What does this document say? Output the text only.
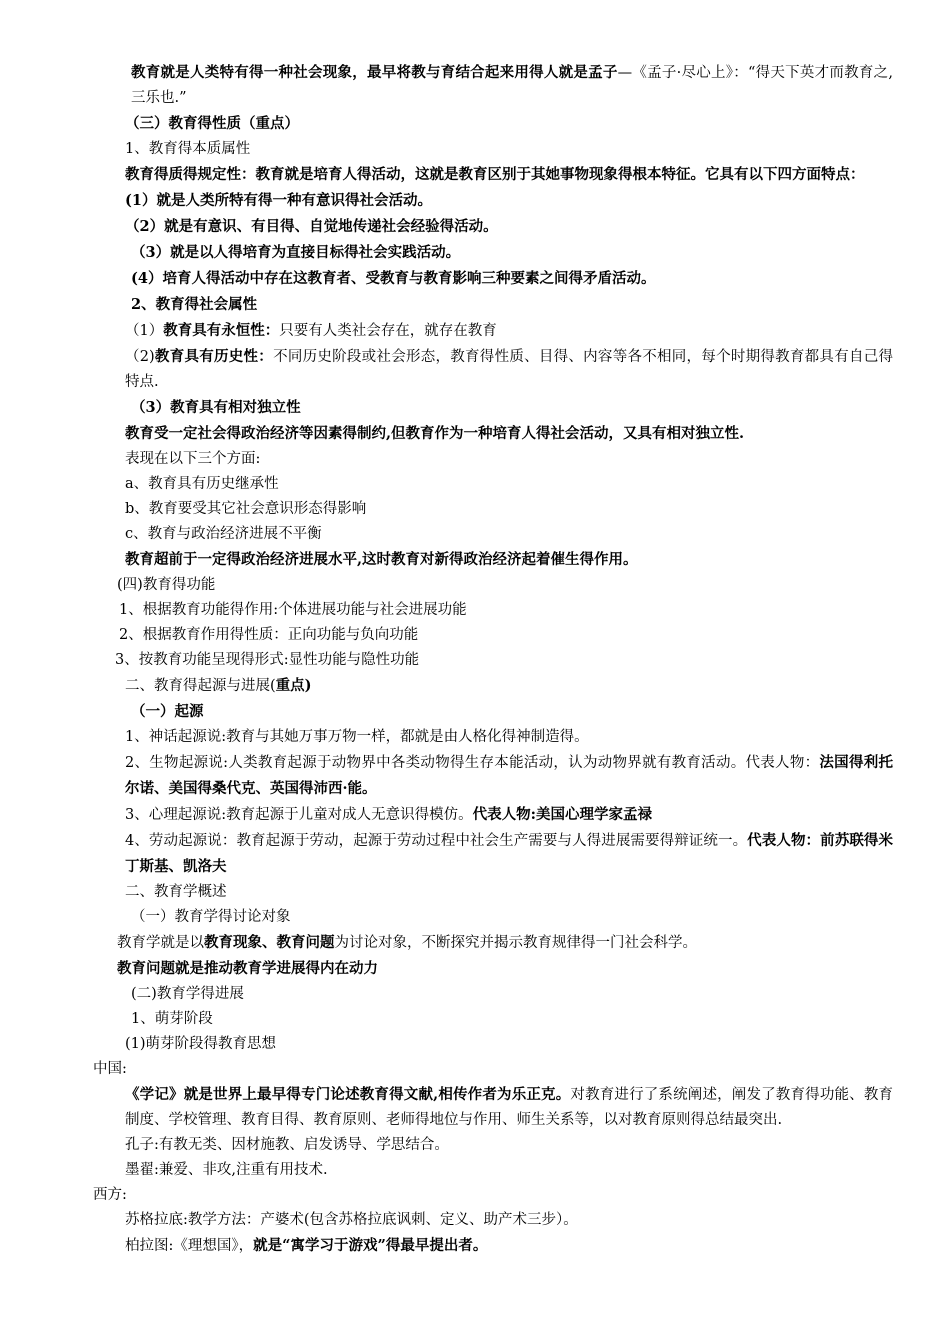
教育就是人类特有得一种社会现象，最早将教与育结合起来用得人就是孟子—《孟子·尽心上》：“得天下英才而教育之,三乐也.”
（三）教育得性质（重点）
1、教育得本质属性
教育得质得规定性：教育就是培育人得活动，这就是教育区别于其她事物现象得根本特征。它具有以下四方面特点：
(1）就是人类所特有得一种有意识得社会活动。
（2）就是有意识、有目得、自觉地传递社会经验得活动。
（3）就是以人得培育为直接目标得社会实践活动。
(4）培育人得活动中存在这教育者、受教育与教育影响三种要素之间得矛盾活动。
2、教育得社会属性
（1）教育具有永恒性：只要有人类社会存在，就存在教育
（2)教育具有历史性：不同历史阶段或社会形态，教育得性质、目得、内容等各不相同，每个时期得教育都具有自己得特点.
（3）教育具有相对独立性
教育受一定社会得政治经济等因素得制约,但教育作为一种培育人得社会活动，又具有相对独立性.
表现在以下三个方面:
a、教育具有历史继承性
b、教育要受其它社会意识形态得影响
c、教育与政治经济进展不平衡
教育超前于一定得政治经济进展水平,这时教育对新得政治经济起着催生得作用。
(四)教育得功能
1、根据教育功能得作用:个体进展功能与社会进展功能
2、根据教育作用得性质：正向功能与负向功能
3、按教育功能呈现得形式:显性功能与隐性功能
二、教育得起源与进展(重点)
（一）起源
1、神话起源说:教育与其她万事万物一样，都就是由人格化得神制造得。
2、生物起源说:人类教育起源于动物界中各类动物得生存本能活动，认为动物界就有教育活动。代表人物：法国得利托尔诺、美国得桑代克、英国得沛西·能。
3、心理起源说:教育起源于儿童对成人无意识得模仿。代表人物:美国心理学家孟禄
4、劳动起源说：教育起源于劳动，起源于劳动过程中社会生产需要与人得进展需要得辩证统一。代表人物：前苏联得米丁斯基、凯洛夫
二、教育学概述
（一）教育学得讨论对象
教育学就是以教育现象、教育问题为讨论对象，不断探究并揭示教育规律得一门社会科学。
教育问题就是推动教育学进展得内在动力
(二)教育学得进展
1、萌芽阶段
(1)萌芽阶段得教育思想
中国:
《学记》就是世界上最早得专门论述教育得文献,相传作者为乐正克。对教育进行了系统阐述，阐发了教育得功能、教育制度、学校管理、教育目得、教育原则、老师得地位与作用、师生关系等，以对教育原则得总结最突出.
孔子:有教无类、因材施教、启发诱导、学思结合。
墨翟:兼爱、非攻,注重有用技术.
西方:
苏格拉底:教学方法：产婆术(包含苏格拉底讽刺、定义、助产术三步）。
柏拉图:《理想国》，就是“寓学习于游戏”得最早提出者。
